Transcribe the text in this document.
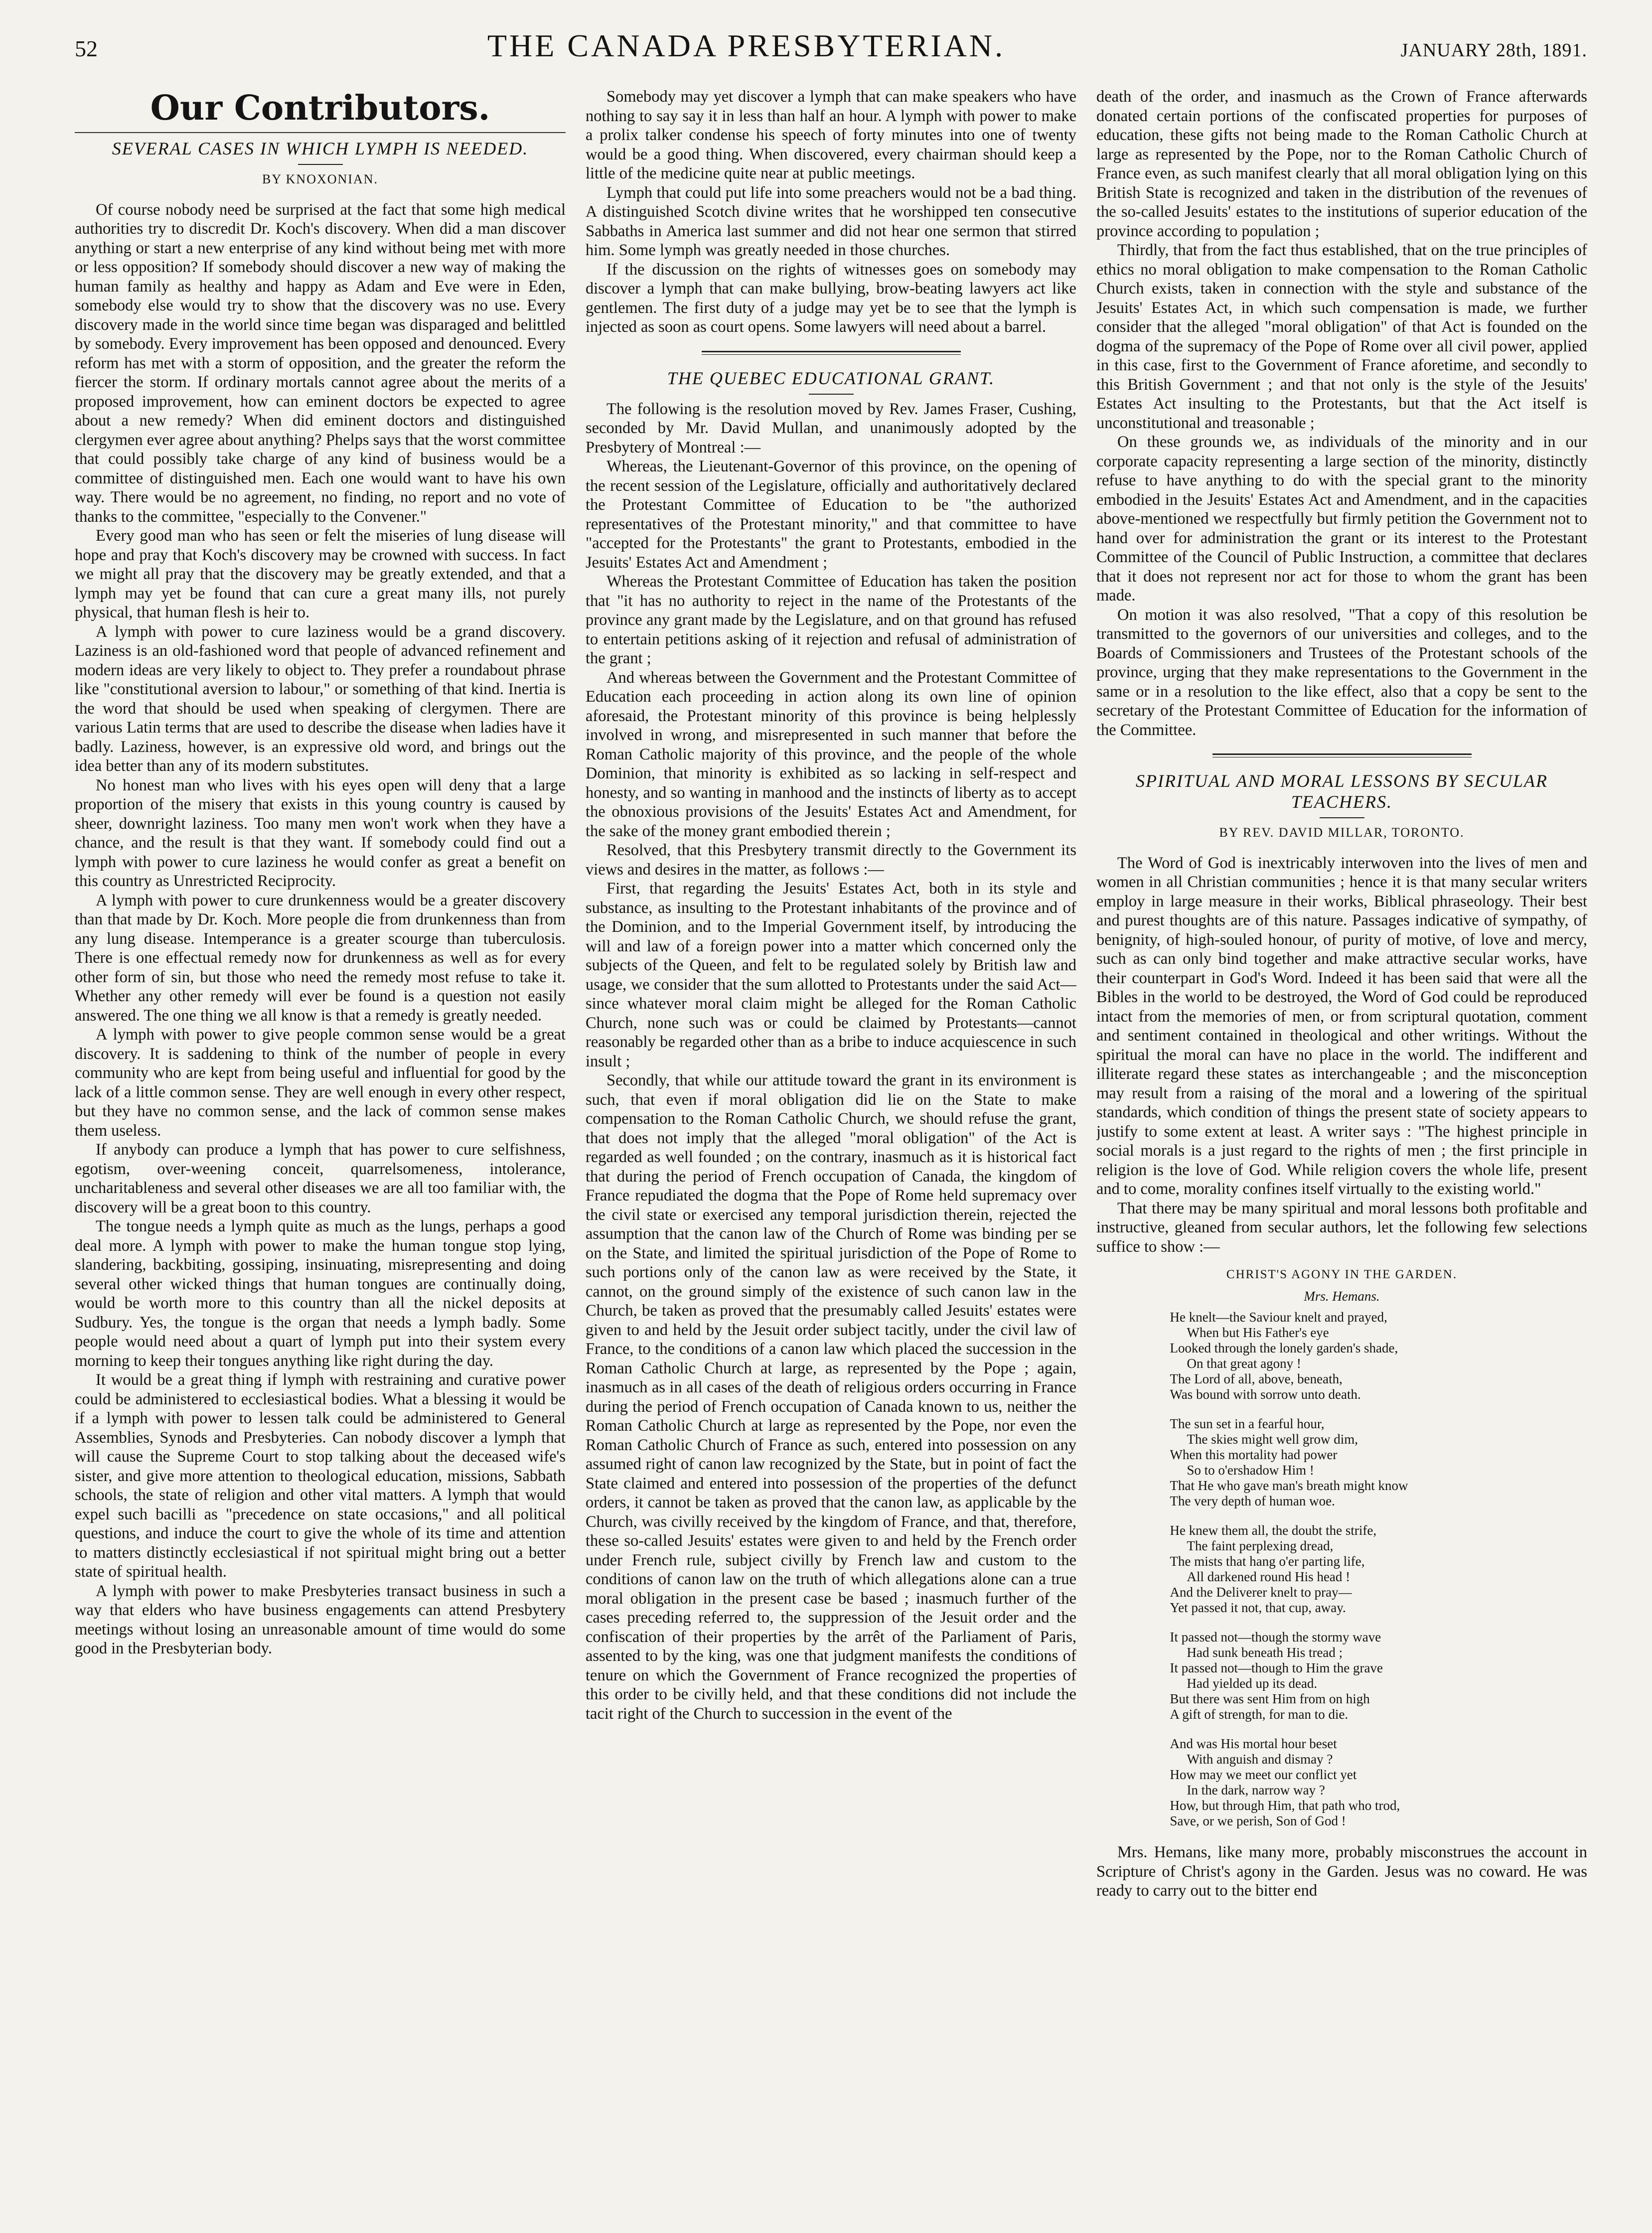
52	THE CANADA PRESBYTERIAN.	JANUARY 28th, 1891.
Our Contributors.
SEVERAL CASES IN WHICH LYMPH IS NEEDED.
BY KNOXONIAN.

Of course nobody need be surprised at the fact that some high medical authorities try to discredit Dr. Koch's discovery. When did a man discover anything or start a new enterprise of any kind without being met with more or less opposition? If somebody should discover a new way of making the human family as healthy and happy as Adam and Eve were in Eden, somebody else would try to show that the discovery was no use. Every discovery made in the world since time began was disparaged and belittled by somebody. Every improvement has been opposed and denounced. Every reform has met with a storm of opposition, and the greater the reform the fiercer the storm. If ordinary mortals cannot agree about the merits of a proposed improvement, how can eminent doctors be expected to agree about a new remedy? When did eminent doctors and distinguished clergymen ever agree about anything? Phelps says that the worst committee that could possibly take charge of any kind of business would be a committee of distinguished men. Each one would want to have his own way. There would be no agreement, no finding, no report and no vote of thanks to the committee, "especially to the Convener."

Every good man who has seen or felt the miseries of lung disease will hope and pray that Koch's discovery may be crowned with success. In fact we might all pray that the discovery may be greatly extended, and that a lymph may yet be found that can cure a great many ills, not purely physical, that human flesh is heir to.

A lymph with power to cure laziness would be a grand discovery. Laziness is an old-fashioned word that people of advanced refinement and modern ideas are very likely to object to. They prefer a roundabout phrase like "constitutional aversion to labour," or something of that kind. Inertia is the word that should be used when speaking of clergymen. There are various Latin terms that are used to describe the disease when ladies have it badly. Laziness, however, is an expressive old word, and brings out the idea better than any of its modern substitutes.

No honest man who lives with his eyes open will deny that a large proportion of the misery that exists in this young country is caused by sheer, downright laziness. Too many men won't work when they have a chance, and the result is that they want. If somebody could find out a lymph with power to cure laziness he would confer as great a benefit on this country as Unrestricted Reciprocity.

A lymph with power to cure drunkenness would be a greater discovery than that made by Dr. Koch. More people die from drunkenness than from any lung disease. Intemperance is a greater scourge than tuberculosis. There is one effectual remedy now for drunkenness as well as for every other form of sin, but those who need the remedy most refuse to take it. Whether any other remedy will ever be found is a question not easily answered. The one thing we all know is that a remedy is greatly needed.

A lymph with power to give people common sense would be a great discovery. It is saddening to think of the number of people in every community who are kept from being useful and influential for good by the lack of a little common sense. They are well enough in every other respect, but they have no common sense, and the lack of common sense makes them useless.

If anybody can produce a lymph that has power to cure selfishness, egotism, over-weening conceit, quarrelsomeness, intolerance, uncharitableness and several other diseases we are all too familiar with, the discovery will be a great boon to this country.

The tongue needs a lymph quite as much as the lungs, perhaps a good deal more. A lymph with power to make the human tongue stop lying, slandering, backbiting, gossiping, insinuating, misrepresenting and doing several other wicked things that human tongues are continually doing, would be worth more to this country than all the nickel deposits at Sudbury. Yes, the tongue is the organ that needs a lymph badly. Some people would need about a quart of lymph put into their system every morning to keep their tongues anything like right during the day.

It would be a great thing if lymph with restraining and curative power could be administered to ecclesiastical bodies. What a blessing it would be if a lymph with power to lessen talk could be administered to General Assemblies, Synods and Presbyteries. Can nobody discover a lymph that will cause the Supreme Court to stop talking about the deceased wife's sister, and give more attention to theological education, missions, Sabbath schools, the state of religion and other vital matters. A lymph that would expel such bacilli as "precedence on state occasions," and all political questions, and induce the court to give the whole of its time and attention to matters distinctly ecclesiastical if not spiritual might bring out a better state of spiritual health.

A lymph with power to make Presbyteries transact business in such a way that elders who have business engagements can attend Presbytery meetings without losing an unreasonable amount of time would do some good in the Presbyterian body.

Somebody may yet discover a lymph that can make speakers who have nothing to say say it in less than half an hour. A lymph with power to make a prolix talker condense his speech of forty minutes into one of twenty would be a good thing. When discovered, every chairman should keep a little of the medicine quite near at public meetings.

Lymph that could put life into some preachers would not be a bad thing. A distinguished Scotch divine writes that he worshipped ten consecutive Sabbaths in America last summer and did not hear one sermon that stirred him. Some lymph was greatly needed in those churches.

If the discussion on the rights of witnesses goes on somebody may discover a lymph that can make bullying, brow-beating lawyers act like gentlemen. The first duty of a judge may yet be to see that the lymph is injected as soon as court opens. Some lawyers will need about a barrel.

THE QUEBEC EDUCATIONAL GRANT.

The following is the resolution moved by Rev. James Fraser, Cushing, seconded by Mr. David Mullan, and unanimously adopted by the Presbytery of Montreal :—

Whereas, the Lieutenant-Governor of this province, on the opening of the recent session of the Legislature, officially and authoritatively declared the Protestant Committee of Education to be "the authorized representatives of the Protestant minority," and that committee to have "accepted for the Protestants" the grant to Protestants, embodied in the Jesuits' Estates Act and Amendment ;

Whereas the Protestant Committee of Education has taken the position that "it has no authority to reject in the name of the Protestants of the province any grant made by the Legislature, and on that ground has refused to entertain petitions asking of it rejection and refusal of administration of the grant ;

And whereas between the Government and the Protestant Committee of Education each proceeding in action along its own line of opinion aforesaid, the Protestant minority of this province is being helplessly involved in wrong, and misrepresented in such manner that before the Roman Catholic majority of this province, and the people of the whole Dominion, that minority is exhibited as so lacking in self-respect and honesty, and so wanting in manhood and the instincts of liberty as to accept the obnoxious provisions of the Jesuits' Estates Act and Amendment, for the sake of the money grant embodied therein ;

Resolved, that this Presbytery transmit directly to the Government its views and desires in the matter, as follows :—

First, that regarding the Jesuits' Estates Act, both in its style and substance, as insulting to the Protestant inhabitants of the province and of the Dominion, and to the Imperial Government itself, by introducing the will and law of a foreign power into a matter which concerned only the subjects of the Queen, and felt to be regulated solely by British law and usage, we consider that the sum allotted to Protestants under the said Act—since whatever moral claim might be alleged for the Roman Catholic Church, none such was or could be claimed by Protestants—cannot reasonably be regarded other than as a bribe to induce acquiescence in such insult ;

Secondly, that while our attitude toward the grant in its environment is such, that even if moral obligation did lie on the State to make compensation to the Roman Catholic Church, we should refuse the grant, that does not imply that the alleged "moral obligation" of the Act is regarded as well founded ; on the contrary, inasmuch as it is historical fact that during the period of French occupation of Canada, the kingdom of France repudiated the dogma that the Pope of Rome held supremacy over the civil state or exercised any temporal jurisdiction therein, rejected the assumption that the canon law of the Church of Rome was binding per se on the State, and limited the spiritual jurisdiction of the Pope of Rome to such portions only of the canon law as were received by the State, it cannot, on the ground simply of the existence of such canon law in the Church, be taken as proved that the presumably called Jesuits' estates were given to and held by the Jesuit order subject tacitly, under the civil law of France, to the conditions of a canon law which placed the succession in the Roman Catholic Church at large, as represented by the Pope ; again, inasmuch as in all cases of the death of religious orders occurring in France during the period of French occupation of Canada known to us, neither the Roman Catholic Church at large as represented by the Pope, nor even the Roman Catholic Church of France as such, entered into possession on any assumed right of canon law recognized by the State, but in point of fact the State claimed and entered into possession of the properties of the defunct orders, it cannot be taken as proved that the canon law, as applicable by the Church, was civilly received by the kingdom of France, and that, therefore, these so-called Jesuits' estates were given to and held by the French order under French rule, subject civilly by French law and custom to the conditions of canon law on the truth of which allegations alone can a true moral obligation in the present case be based ; inasmuch further of the cases preceding referred to, the suppression of the Jesuit order and the confiscation of their properties by the arrêt of the Parliament of Paris, assented to by the king, was one that judgment manifests the conditions of tenure on which the Government of France recognized the properties of this order to be civilly held, and that these conditions did not include the tacit right of the Church to succession in the event of the

death of the order, and inasmuch as the Crown of France afterwards donated certain portions of the confiscated properties for purposes of education, these gifts not being made to the Roman Catholic Church at large as represented by the Pope, nor to the Roman Catholic Church of France even, as such manifest clearly that all moral obligation lying on this British State is recognized and taken in the distribution of the revenues of the so-called Jesuits' estates to the institutions of superior education of the province according to population ;

Thirdly, that from the fact thus established, that on the true principles of ethics no moral obligation to make compensation to the Roman Catholic Church exists, taken in connection with the style and substance of the Jesuits' Estates Act, in which such compensation is made, we further consider that the alleged "moral obligation" of that Act is founded on the dogma of the supremacy of the Pope of Rome over all civil power, applied in this case, first to the Government of France aforetime, and secondly to this British Government ; and that not only is the style of the Jesuits' Estates Act insulting to the Protestants, but that the Act itself is unconstitutional and treasonable ;

On these grounds we, as individuals of the minority and in our corporate capacity representing a large section of the minority, distinctly refuse to have anything to do with the special grant to the minority embodied in the Jesuits' Estates Act and Amendment, and in the capacities above-mentioned we respectfully but firmly petition the Government not to hand over for administration the grant or its interest to the Protestant Committee of the Council of Public Instruction, a committee that declares that it does not represent nor act for those to whom the grant has been made.

On motion it was also resolved, "That a copy of this resolution be transmitted to the governors of our universities and colleges, and to the Boards of Commissioners and Trustees of the Protestant schools of the province, urging that they make representations to the Government in the same or in a resolution to the like effect, also that a copy be sent to the secretary of the Protestant Committee of Education for the information of the Committee.

SPIRITUAL AND MORAL LESSONS BY SECULAR TEACHERS.
BY REV. DAVID MILLAR, TORONTO.

The Word of God is inextricably interwoven into the lives of men and women in all Christian communities ; hence it is that many secular writers employ in large measure in their works, Biblical phraseology. Their best and purest thoughts are of this nature. Passages indicative of sympathy, of benignity, of high-souled honour, of purity of motive, of love and mercy, such as can only bind together and make attractive secular works, have their counterpart in God's Word. Indeed it has been said that were all the Bibles in the world to be destroyed, the Word of God could be reproduced intact from the memories of men, or from scriptural quotation, comment and sentiment contained in theological and other writings. Without the spiritual the moral can have no place in the world. The indifferent and illiterate regard these states as interchangeable ; and the misconception may result from a raising of the moral and a lowering of the spiritual standards, which condition of things the present state of society appears to justify to some extent at least. A writer says : "The highest principle in social morals is a just regard to the rights of men ; the first principle in religion is the love of God. While religion covers the whole life, present and to come, morality confines itself virtually to the existing world."

That there may be many spiritual and moral lessons both profitable and instructive, gleaned from secular authors, let the following few selections suffice to show :—

CHRIST'S AGONY IN THE GARDEN.
Mrs. Hemans.
He knelt—the Saviour knelt and prayed,
When but His Father's eye
Looked through the lonely garden's shade,
On that great agony !
The Lord of all, above, beneath,
Was bound with sorrow unto death.
The sun set in a fearful hour,
The skies might well grow dim,
When this mortality had power
So to o'ershadow Him !
That He who gave man's breath might know
The very depth of human woe.
He knew them all, the doubt the strife,
The faint perplexing dread,
The mists that hang o'er parting life,
All darkened round His head !
And the Deliverer knelt to pray—
Yet passed it not, that cup, away.
It passed not—though the stormy wave
Had sunk beneath His tread ;
It passed not—though to Him the grave
Had yielded up its dead.
But there was sent Him from on high
A gift of strength, for man to die.
And was His mortal hour beset
With anguish and dismay ?
How may we meet our conflict yet
In the dark, narrow way ?
How, but through Him, that path who trod,
Save, or we perish, Son of God !

Mrs. Hemans, like many more, probably misconstrues the account in Scripture of Christ's agony in the Garden. Jesus was no coward. He was ready to carry out to the bitter end
